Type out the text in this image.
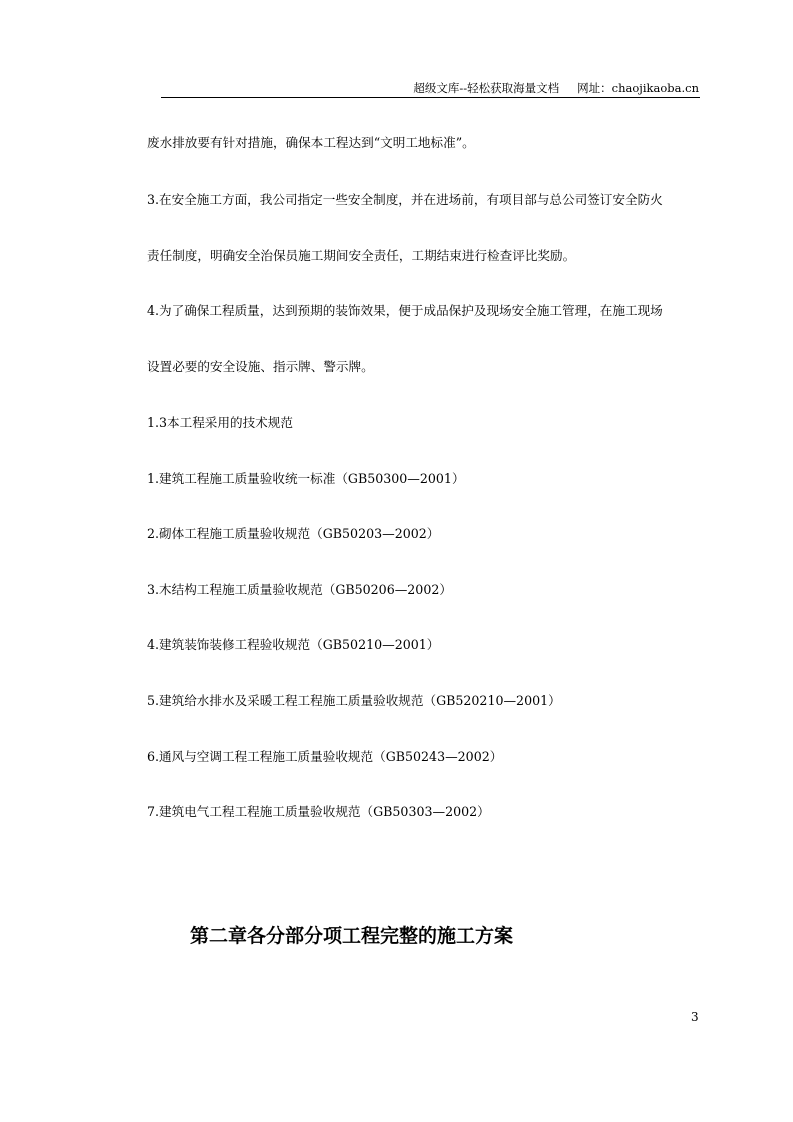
超级文库--轻松获取海量文档 网址：chaojikaoba.cn
废水排放要有针对措施，确保本工程达到“文明工地标准”。
3.在安全施工方面，我公司指定一些安全制度，并在进场前，有项目部与总公司签订安全防火
责任制度，明确安全治保员施工期间安全责任，工期结束进行检查评比奖励。
4.为了确保工程质量，达到预期的装饰效果，便于成品保护及现场安全施工管理，在施工现场
设置必要的安全设施、指示牌、警示牌。
1.3本工程采用的技术规范
1.建筑工程施工质量验收统一标准（GB50300—2001）
2.砌体工程施工质量验收规范（GB50203—2002）
3.木结构工程施工质量验收规范（GB50206—2002）
4.建筑装饰装修工程验收规范（GB50210—2001）
5.建筑给水排水及采暖工程工程施工质量验收规范（GB520210—2001）
6.通风与空调工程工程施工质量验收规范（GB50243—2002）
7.建筑电气工程工程施工质量验收规范（GB50303—2002）
第二章各分部分项工程完整的施工方案
3
